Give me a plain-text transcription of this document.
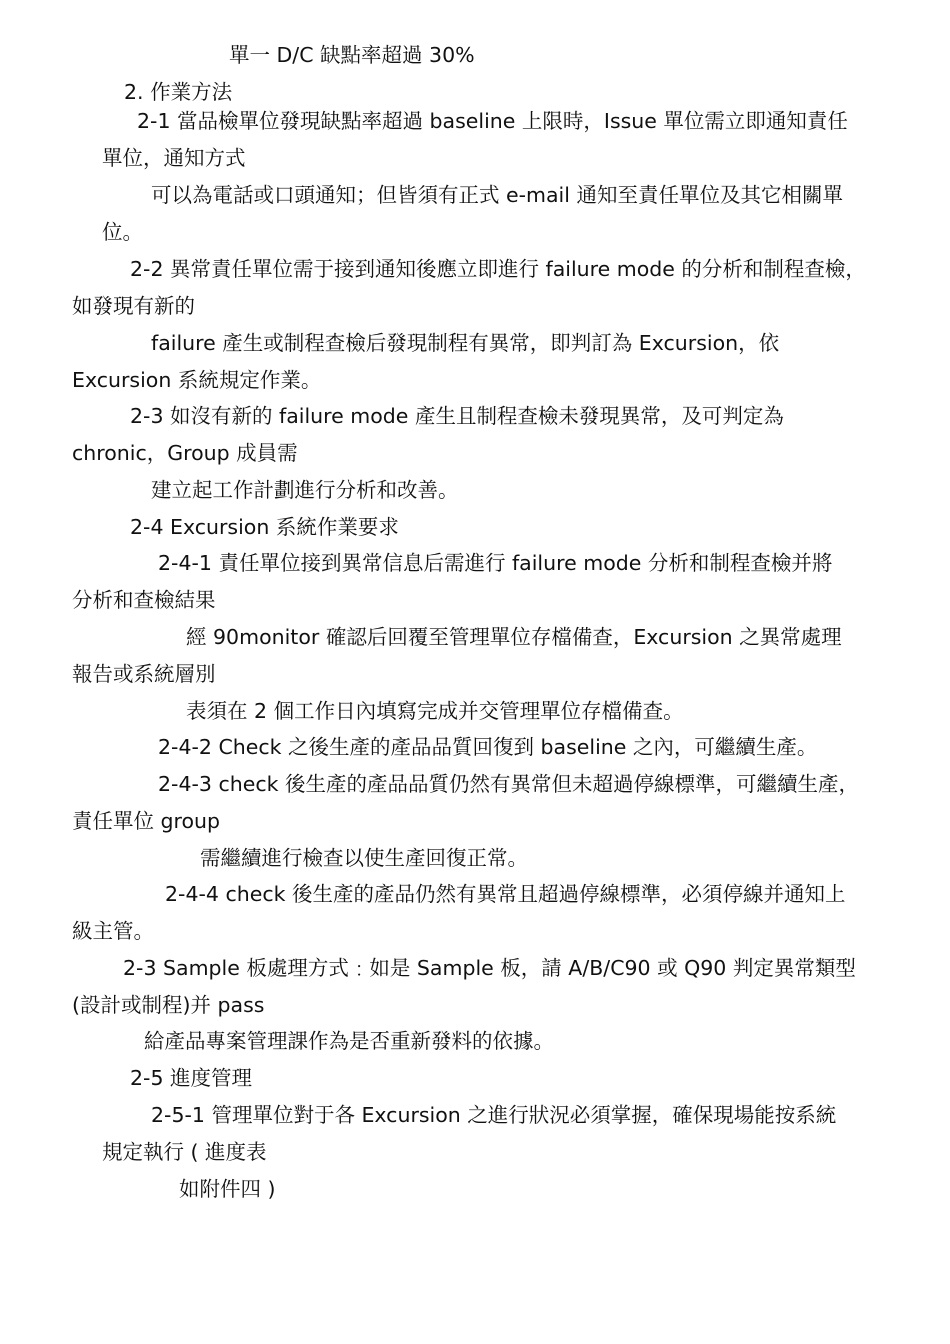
單一 D/C 缺點率超過 30%
2. 作業方法
2-1 當品檢單位發現缺點率超過 baseline 上限時，Issue 單位需立即通知責任
單位，通知方式
可以為電話或口頭通知；但皆須有正式 e-mail 通知至責任單位及其它相關單
位。
2-2 異常責任單位需于接到通知後應立即進行 failure mode 的分析和制程查檢，
如發現有新的
failure 產生或制程查檢后發現制程有異常，即判訂為 Excursion，依
Excursion 系統規定作業。
2-3 如沒有新的 failure mode 產生且制程查檢未發現異常，及可判定為
chronic，Group 成員需
建立起工作計劃進行分析和改善。
2-4 Excursion 系統作業要求
2-4-1 責任單位接到異常信息后需進行 failure mode 分析和制程查檢并將
分析和查檢結果
經 90monitor 確認后回覆至管理單位存檔備查，Excursion 之異常處理
報告或系統層別
表須在 2 個工作日內填寫完成并交管理單位存檔備查。
2-4-2 Check 之後生產的產品品質回復到 baseline 之內，可繼續生產。
2-4-3 check 後生產的產品品質仍然有異常但未超過停線標準，可繼續生產，
責任單位 group
需繼續進行檢查以使生產回復正常。
2-4-4 check 後生產的產品仍然有異常且超過停線標準，必須停線并通知上
級主管。
2-3 Sample 板處理方式﹕如是 Sample 板，請 A/B/C90 或 Q90 判定異常類型
(設計或制程)并 pass
給產品專案管理課作為是否重新發料的依據。
2-5 進度管理
2-5-1 管理單位對于各 Excursion 之進行狀況必須掌握，確保現場能按系統
規定執行 ( 進度表
如附件四 )
